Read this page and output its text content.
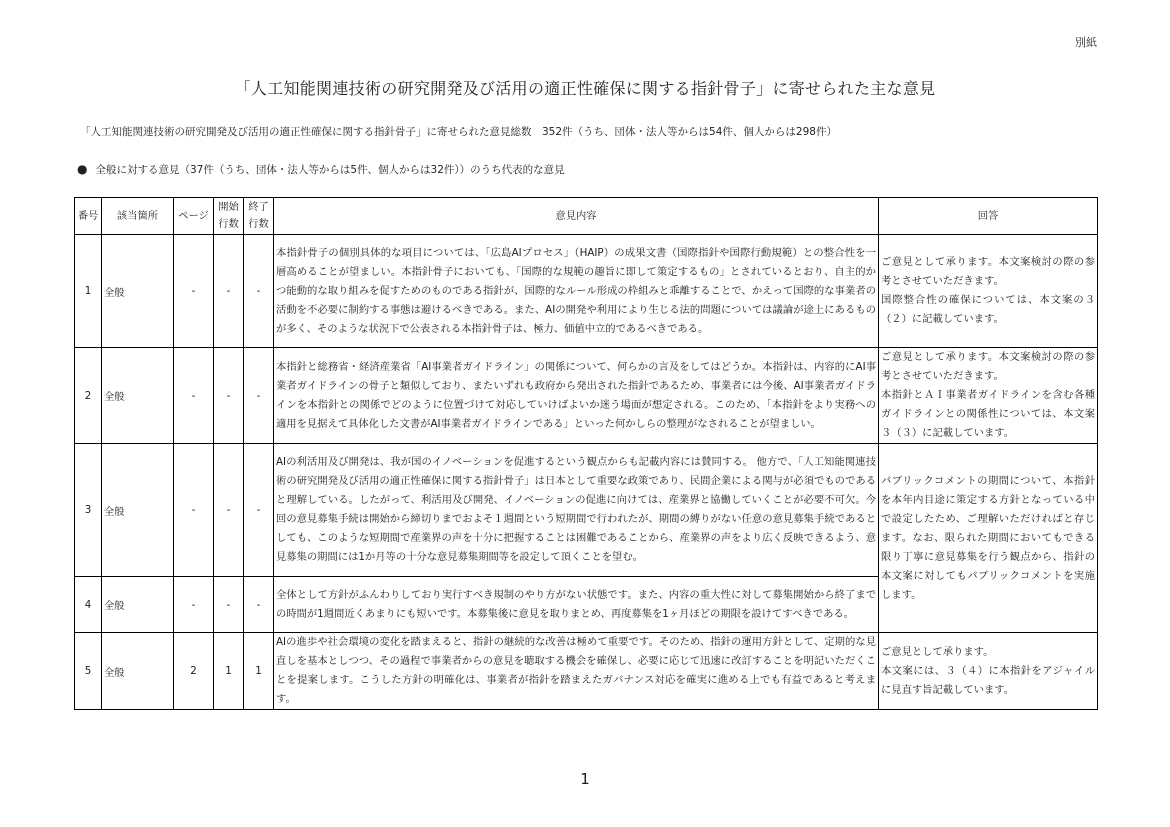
別紙
「人工知能関連技術の研究開発及び活用の適正性確保に関する指針骨子」に寄せられた主な意見
「人工知能関連技術の研究開発及び活用の適正性確保に関する指針骨子」に寄せられた意見総数　352件（うち、団体・法人等からは54件、個人からは298件）
● 全般に対する意見（37件（うち、団体・法人等からは5件、個人からは32件））のうち代表的な意見
番号	該当箇所	ページ	開始行数	終了行数	意見内容	回答
1	全般	-	-	-	本指針骨子の個別具体的な項目については、「広島AIプロセス」（HAIP）の成果文書（国際指針や国際行動規範）との整合性を一層高めることが望ましい。本指針骨子においても、「国際的な規範の趣旨に即して策定するもの」とされているとおり、自主的かつ能動的な取り組みを促すためのものである指針が、国際的なルール形成の枠組みと乖離することで、かえって国際的な事業者の活動を不必要に制約する事態は避けるべきである。また、AIの開発や利用により生じる法的問題については議論が途上にあるものが多く、そのような状況下で公表される本指針骨子は、極力、価値中立的であるべきである。	ご意見として承ります。本文案検討の際の参考とさせていただきます。
国際整合性の確保については、本文案の３（２）に記載しています。

2	全般	-	-	-	本指針と総務省・経済産業省「AI事業者ガイドライン」の関係について、何らかの言及をしてはどうか。本指針は、内容的にAI事業者ガイドラインの骨子と類似しており、またいずれも政府から発出された指針であるため、事業者には今後、AI事業者ガイドラインを本指針との関係でどのように位置づけて対応していけばよいか迷う場面が想定される。このため、「本指針をより実務への適用を見据えて具体化した文書がAI事業者ガイドラインである」といった何かしらの整理がなされることが望ましい。	ご意見として承ります。本文案検討の際の参考とさせていただきます。
本指針とＡＩ事業者ガイドラインを含む各種ガイドラインとの関係性については、本文案３（３）に記載しています。

3	全般	-	-	-	AIの利活用及び開発は、我が国のイノベーションを促進するという観点からも記載内容には賛同する。 他方で、「人工知能関連技術の研究開発及び活用の適正性確保に関する指針骨子」は日本として重要な政策であり、民間企業による関与が必須でものであると理解している。したがって、利活用及び開発、イノベーションの促進に向けては、産業界と協働していくことが必要不可欠。今回の意見募集手続は開始から締切りまでおよそ１週間という短期間で行われたが、期間の縛りがない任意の意見募集手続であるとしても、このような短期間で産業界の声を十分に把握することは困難であることから、産業界の声をより広く反映できるよう、意見募集の期間には1か月等の十分な意見募集期間等を設定して頂くことを望む。	パブリックコメントの期間について、本指針を本年内目途に策定する方針となっている中で設定したため、ご理解いただければと存じます。なお、限られた期間においてもできる限り丁寧に意見募集を行う観点から、指針の本文案に対してもパブリックコメントを実施します。

4	全般	-	-	-	全体として方針がふんわりしており実行すべき規制のやり方がない状態です。また、内容の重大性に対して募集開始から終了までの時間が1週間近くあまりにも短いです。本募集後に意見を取りまとめ、再度募集を1ヶ月ほどの期限を設けてすべきである。	
5	全般	2	1	1	AIの進歩や社会環境の変化を踏まえると、指針の継続的な改善は極めて重要です。そのため、指針の運用方針として、定期的な見直しを基本としつつ、その過程で事業者からの意見を聴取する機会を確保し、必要に応じて迅速に改訂することを明記いただくことを提案します。こうした方針の明確化は、事業者が指針を踏まえたガバナンス対応を確実に進める上でも有益であると考えます。	ご意見として承ります。
本文案には、３（４）に本指針をアジャイルに見直す旨記載しています。
1
